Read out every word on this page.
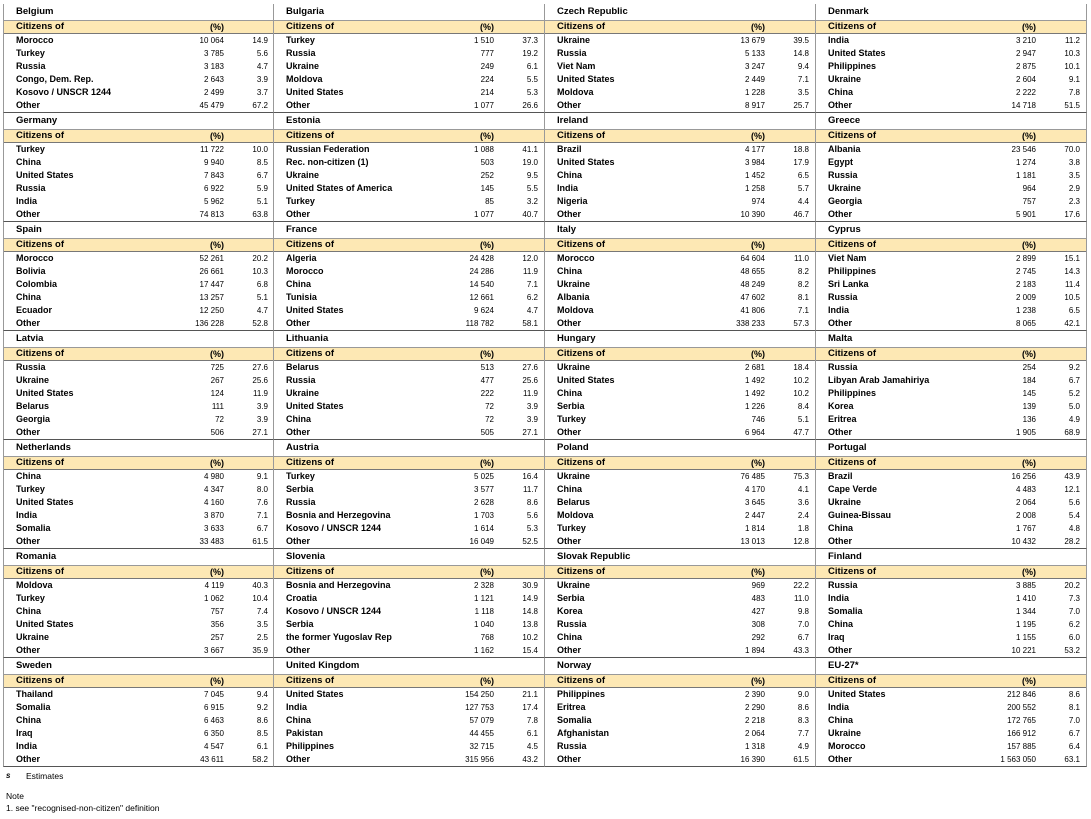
Belgium
Citizens of	(%)
Morocco	10 064	14.9
Turkey	3 785	5.6
Russia	3 183	4.7
Congo, Dem. Rep.	2 643	3.9
Kosovo / UNSCR 1244	2 499	3.7
Other	45 479	67.2
Bulgaria
Citizens of	(%)
Turkey	1 510	37.3
Russia	777	19.2
Ukraine	249	6.1
Moldova	224	5.5
United States	214	5.3
Other	1 077	26.6
Czech Republic
Citizens of	(%)
Ukraine	13 679	39.5
Russia	5 133	14.8
Viet Nam	3 247	9.4
United States	2 449	7.1
Moldova	1 228	3.5
Other	8 917	25.7
Denmark
Citizens of	(%)
India	3 210	11.2
United States	2 947	10.3
Philippines	2 875	10.1
Ukraine	2 604	9.1
China	2 222	7.8
Other	14 718	51.5
Germany
Citizens of	(%)
Turkey	11 722	10.0
China	9 940	8.5
United States	7 843	6.7
Russia	6 922	5.9
India	5 962	5.1
Other	74 813	63.8
Estonia
Citizens of	(%)
Russian Federation	1 088	41.1
Rec. non-citizen (1)	503	19.0
Ukraine	252	9.5
United States of America	145	5.5
Turkey	85	3.2
Other	1 077	40.7
Ireland
Citizens of	(%)
Brazil	4 177	18.8
United States	3 984	17.9
China	1 452	6.5
India	1 258	5.7
Nigeria	974	4.4
Other	10 390	46.7
Greece
Citizens of	(%)
Albania	23 546	70.0
Egypt	1 274	3.8
Russia	1 181	3.5
Ukraine	964	2.9
Georgia	757	2.3
Other	5 901	17.6
Spain
Citizens of	(%)
Morocco	52 261	20.2
Bolivia	26 661	10.3
Colombia	17 447	6.8
China	13 257	5.1
Ecuador	12 250	4.7
Other	136 228	52.8
France
Citizens of	(%)
Algeria	24 428	12.0
Morocco	24 286	11.9
China	14 540	7.1
Tunisia	12 661	6.2
United States	9 624	4.7
Other	118 782	58.1
Italy
Citizens of	(%)
Morocco	64 604	11.0
China	48 655	8.2
Ukraine	48 249	8.2
Albania	47 602	8.1
Moldova	41 806	7.1
Other	338 233	57.3
Cyprus
Citizens of	(%)
Viet Nam	2 899	15.1
Philippines	2 745	14.3
Sri Lanka	2 183	11.4
Russia	2 009	10.5
India	1 238	6.5
Other	8 065	42.1
Latvia
Citizens of	(%)
Russia	725	27.6
Ukraine	267	25.6
United States	124	11.9
Belarus	111	3.9
Georgia	72	3.9
Other	506	27.1
Lithuania
Citizens of	(%)
Belarus	513	27.6
Russia	477	25.6
Ukraine	222	11.9
United States	72	3.9
China	72	3.9
Other	505	27.1
Hungary
Citizens of	(%)
Ukraine	2 681	18.4
United States	1 492	10.2
China	1 492	10.2
Serbia	1 226	8.4
Turkey	746	5.1
Other	6 964	47.7
Malta
Citizens of	(%)
Russia	254	9.2
Libyan Arab Jamahiriya	184	6.7
Philippines	145	5.2
Korea	139	5.0
Eritrea	136	4.9
Other	1 905	68.9
Netherlands
Citizens of	(%)
China	4 980	9.1
Turkey	4 347	8.0
United States	4 160	7.6
India	3 870	7.1
Somalia	3 633	6.7
Other	33 483	61.5
Austria
Citizens of	(%)
Turkey	5 025	16.4
Serbia	3 577	11.7
Russia	2 628	8.6
Bosnia and Herzegovina	1 703	5.6
Kosovo / UNSCR 1244	1 614	5.3
Other	16 049	52.5
Poland
Citizens of	(%)
Ukraine	76 485	75.3
China	4 170	4.1
Belarus	3 645	3.6
Moldova	2 447	2.4
Turkey	1 814	1.8
Other	13 013	12.8
Portugal
Citizens of	(%)
Brazil	16 256	43.9
Cape Verde	4 483	12.1
Ukraine	2 064	5.6
Guinea-Bissau	2 008	5.4
China	1 767	4.8
Other	10 432	28.2
Romania
Citizens of	(%)
Moldova	4 119	40.3
Turkey	1 062	10.4
China	757	7.4
United States	356	3.5
Ukraine	257	2.5
Other	3 667	35.9
Slovenia
Citizens of	(%)
Bosnia and Herzegovina	2 328	30.9
Croatia	1 121	14.9
Kosovo / UNSCR 1244	1 118	14.8
Serbia	1 040	13.8
the former Yugoslav Rep	768	10.2
Other	1 162	15.4
Slovak Republic
Citizens of	(%)
Ukraine	969	22.2
Serbia	483	11.0
Korea	427	9.8
Russia	308	7.0
China	292	6.7
Other	1 894	43.3
Finland
Citizens of	(%)
Russia	3 885	20.2
India	1 410	7.3
Somalia	1 344	7.0
China	1 195	6.2
Iraq	1 155	6.0
Other	10 221	53.2
Sweden
Citizens of	(%)
Thailand	7 045	9.4
Somalia	6 915	9.2
China	6 463	8.6
Iraq	6 350	8.5
India	4 547	6.1
Other	43 611	58.2
United Kingdom
Citizens of	(%)
United States	154 250	21.1
India	127 753	17.4
China	57 079	7.8
Pakistan	44 455	6.1
Philippines	32 715	4.5
Other	315 956	43.2
Norway
Citizens of	(%)
Philippines	2 390	9.0
Eritrea	2 290	8.6
Somalia	2 218	8.3
Afghanistan	2 064	7.7
Russia	1 318	4.9
Other	16 390	61.5
EU-27*
Citizens of	(%)
United States	212 846	8.6
India	200 552	8.1
China	172 765	7.0
Ukraine	166 912	6.7
Morocco	157 885	6.4
Other	1 563 050	63.1
s	Estimates
Note
1. see "recognised-non-citizen" definition
